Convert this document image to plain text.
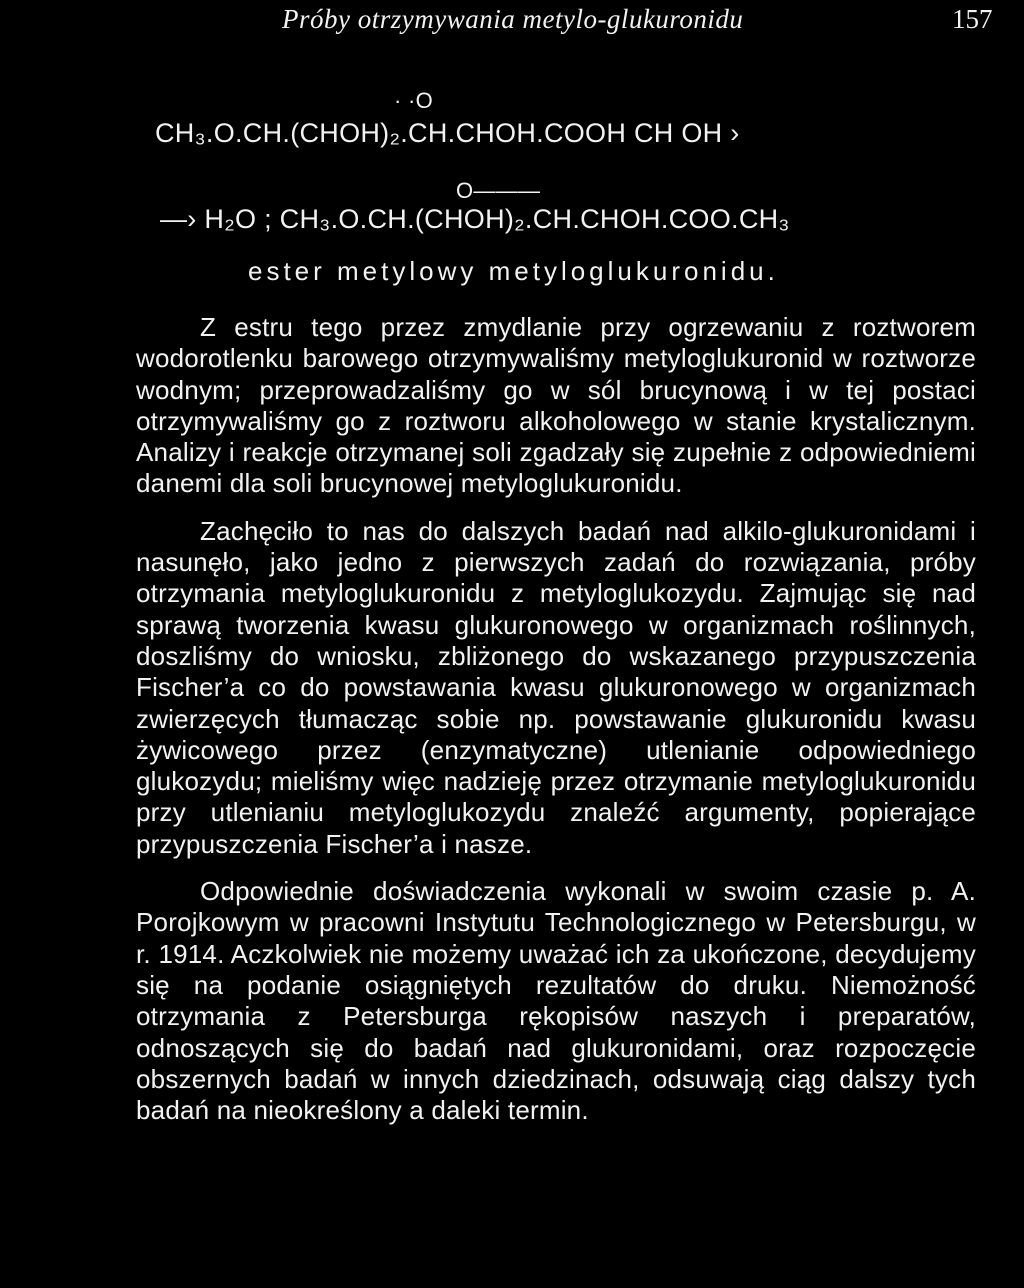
Próby otrzymywania metylo-glukuronidu	157
· ·O
CH₃.O.CH.(CHOH)₂.CH.CHOH.COOH CH OH ›
O———
—› H₂O ; CH₃.O.CH.(CHOH)₂.CH.CHOH.COO.CH₃
ester metylowy metyloglukuronidu.

Z estru tego przez zmydlanie przy ogrzewaniu z roztworem wodorotlenku barowego otrzymywaliśmy metyloglukuronid w roztworze wodnym; przeprowadzaliśmy go w sól brucynową i w tej postaci otrzymywaliśmy go z roztworu alkoholowego w stanie krystalicznym. Analizy i reakcje otrzymanej soli zgadzały się zupełnie z odpowiedniemi danemi dla soli brucynowej metyloglukuronidu.

Zachęciło to nas do dalszych badań nad alkilo-glukuronidami i nasunęło, jako jedno z pierwszych zadań do rozwiązania, próby otrzymania metyloglukuronidu z metyloglukozydu. Zajmując się nad sprawą tworzenia kwasu glukuronowego w organizmach roślinnych, doszliśmy do wniosku, zbliżonego do wskazanego przypuszczenia Fischer’a co do powstawania kwasu glukuronowego w organizmach zwierzęcych tłumacząc sobie np. powstawanie glukuronidu kwasu żywicowego przez (enzymatyczne) utlenianie odpowiedniego glukozydu; mieliśmy więc nadzieję przez otrzymanie metyloglukuronidu przy utlenianiu metyloglukozydu znaleźć argumenty, popierające przypuszczenia Fischer’a i nasze.

Odpowiednie doświadczenia wykonali w swoim czasie p. A. Porojkowym w pracowni Instytutu Technologicznego w Petersburgu, w r. 1914. Aczkolwiek nie możemy uważać ich za ukończone, decydujemy się na podanie osiągniętych rezultatów do druku. Niemożność otrzymania z Petersburga rękopisów naszych i preparatów, odnoszących się do badań nad glukuronidami, oraz rozpoczęcie obszernych badań w innych dziedzinach, odsuwają ciąg dalszy tych badań na nieokreślony a daleki termin.
